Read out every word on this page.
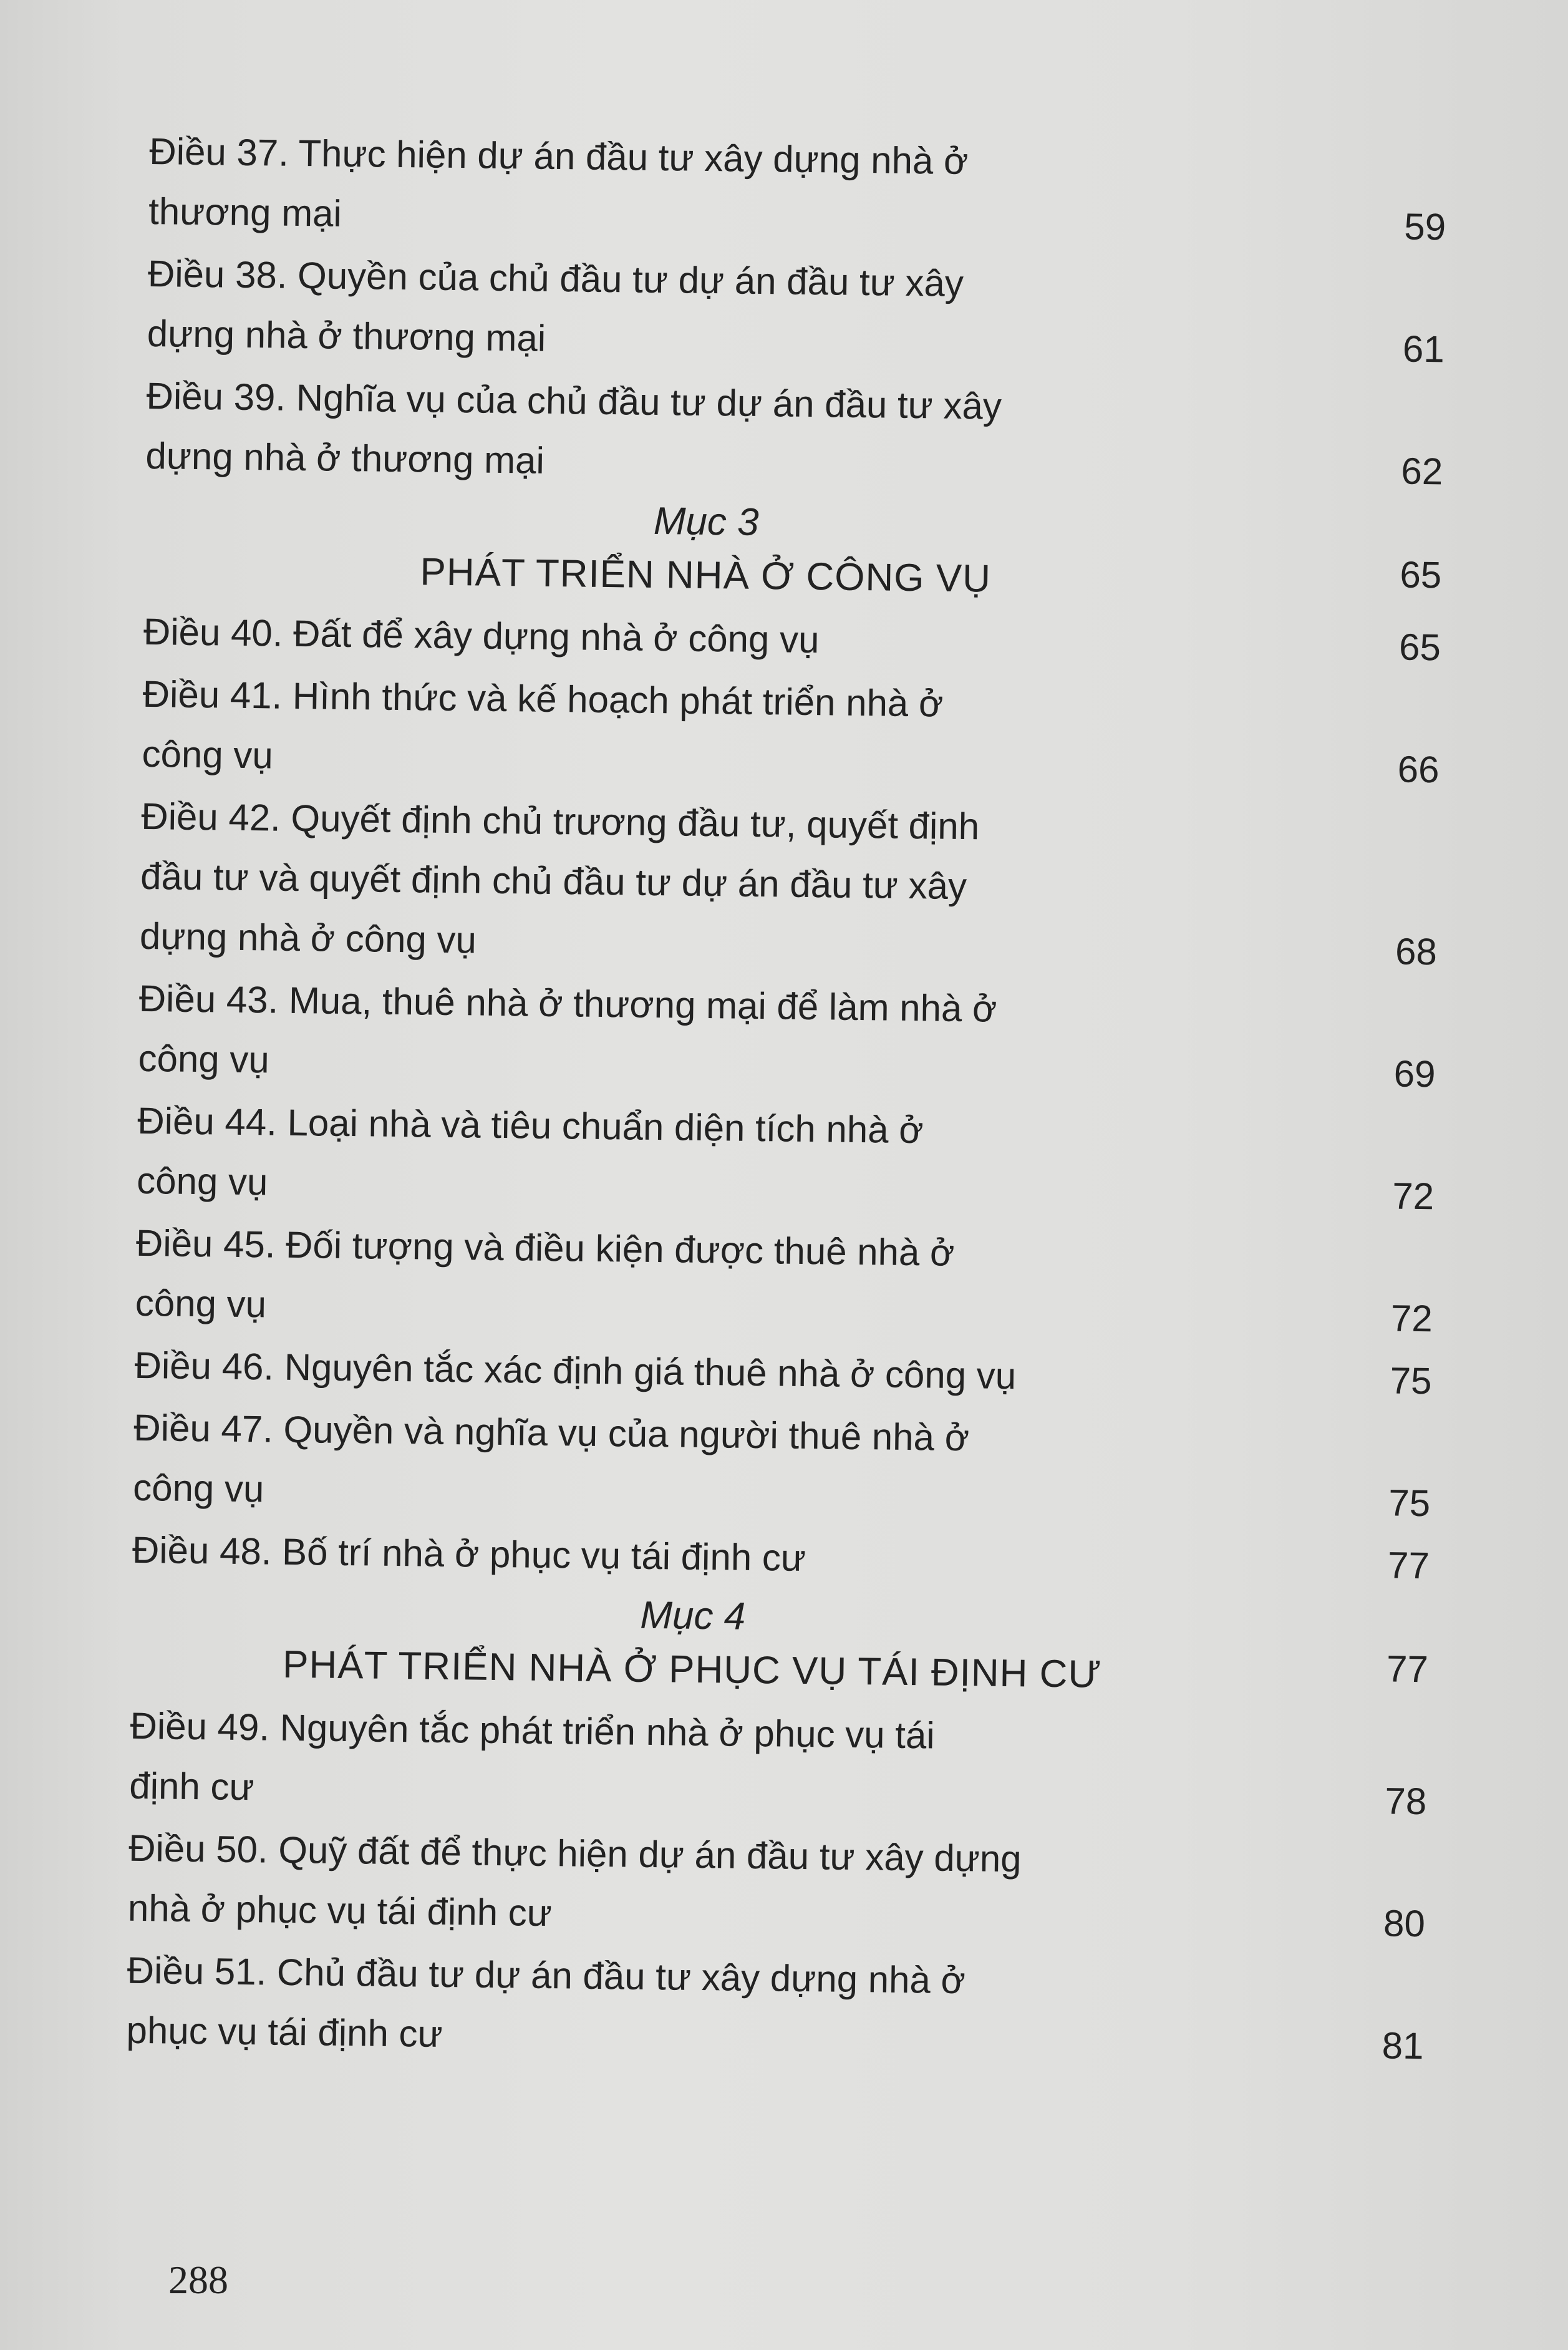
Điều 37. Thực hiện dự án đầu tư xây dựng nhà ở
thương mại	59
Điều 38. Quyền của chủ đầu tư dự án đầu tư xây
dựng nhà ở thương mại	61
Điều 39. Nghĩa vụ của chủ đầu tư dự án đầu tư xây
dựng nhà ở thương mại	62
Mục 3
PHÁT TRIỂN NHÀ Ở CÔNG VỤ	65
Điều 40. Đất để xây dựng nhà ở công vụ	65
Điều 41. Hình thức và kế hoạch phát triển nhà ở
công vụ	66
Điều 42. Quyết định chủ trương đầu tư, quyết định
đầu tư và quyết định chủ đầu tư dự án đầu tư xây
dựng nhà ở công vụ	68
Điều 43. Mua, thuê nhà ở thương mại để làm nhà ở
công vụ	69
Điều 44. Loại nhà và tiêu chuẩn diện tích nhà ở
công vụ	72
Điều 45. Đối tượng và điều kiện được thuê nhà ở
công vụ	72
Điều 46. Nguyên tắc xác định giá thuê nhà ở công vụ	75
Điều 47. Quyền và nghĩa vụ của người thuê nhà ở
công vụ	75
Điều 48. Bố trí nhà ở phục vụ tái định cư	77
Mục 4
PHÁT TRIỂN NHÀ Ở PHỤC VỤ TÁI ĐỊNH CƯ	77
Điều 49. Nguyên tắc phát triển nhà ở phục vụ tái
định cư	78
Điều 50. Quỹ đất để thực hiện dự án đầu tư xây dựng
nhà ở phục vụ tái định cư	80
Điều 51. Chủ đầu tư dự án đầu tư xây dựng nhà ở
phục vụ tái định cư	81
288
